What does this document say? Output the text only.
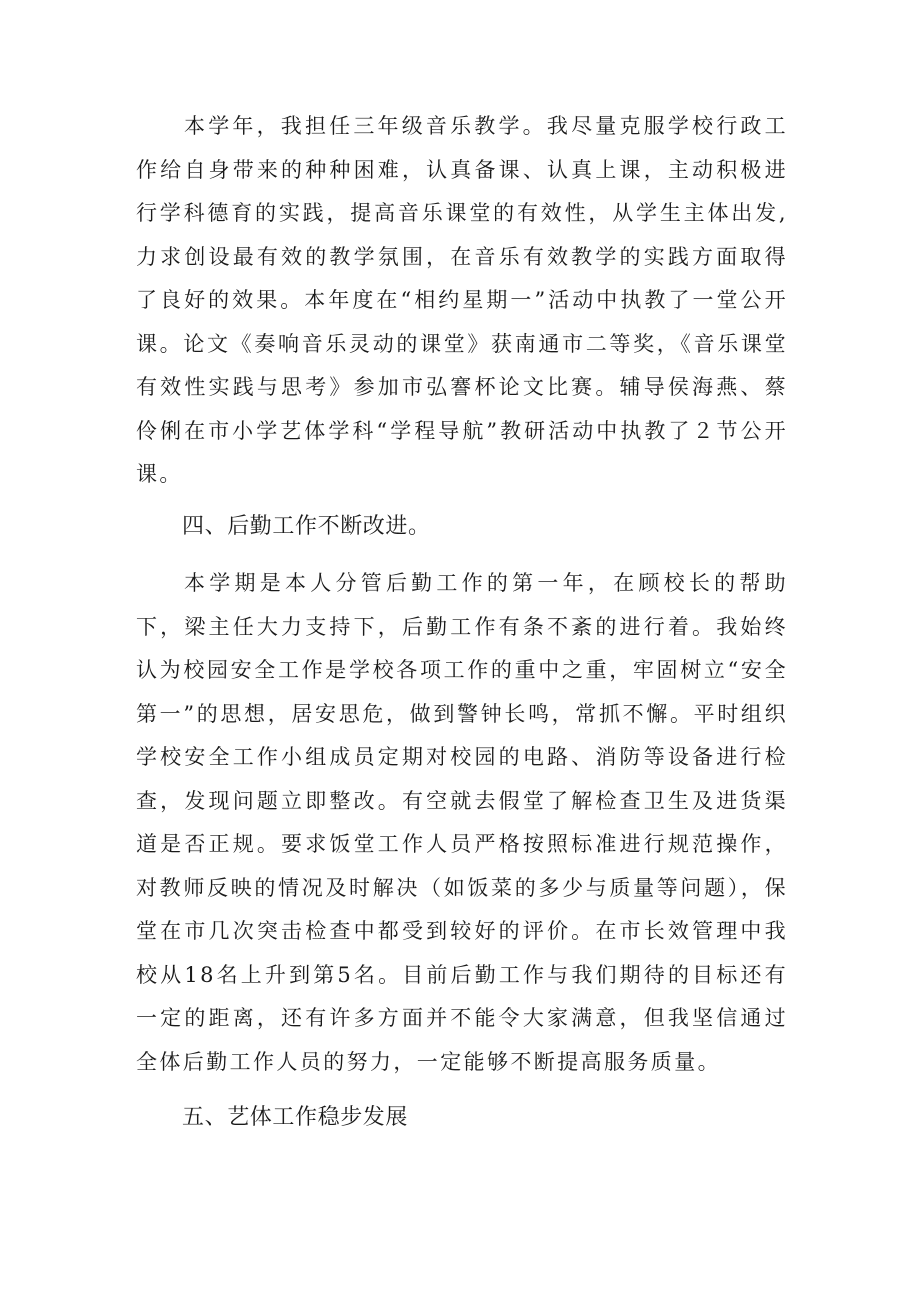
本学年，我担任三年级音乐教学。我尽量克服学校行政工作给自身带来的种种困难，认真备课、认真上课，主动积极进行学科德育的实践，提高音乐课堂的有效性，从学生主体出发,力求创设最有效的教学氛围，在音乐有效教学的实践方面取得了良好的效果。本年度在“相约星期一”活动中执教了一堂公开课。论文《奏响音乐灵动的课堂》获南通市二等奖，《音乐课堂有效性实践与思考》参加市弘謇杯论文比赛。辅导侯海燕、蔡伶俐在市小学艺体学科“学程导航”教研活动中执教了２节公开课。

四、后勤工作不断改进。

本学期是本人分管后勤工作的第一年，在顾校长的帮助下，梁主任大力支持下，后勤工作有条不紊的进行着。我始终认为校园安全工作是学校各项工作的重中之重，牢固树立“安全第一”的思想，居安思危，做到警钟长鸣，常抓不懈。平时组织学校安全工作小组成员定期对校园的电路、消防等设备进行检查，发现问题立即整改。有空就去假堂了解检查卫生及进货渠道是否正规。要求饭堂工作人员严格按照标准进行规范操作，对教师反映的情况及时解决（如饭菜的多少与质量等问题），保堂在市几次突击检查中都受到较好的评价。在市长效管理中我校从18名上升到第5名。目前后勤工作与我们期待的目标还有一定的距离，还有许多方面并不能令大家满意，但我坚信通过全体后勤工作人员的努力，一定能够不断提高服务质量。

五、艺体工作稳步发展
